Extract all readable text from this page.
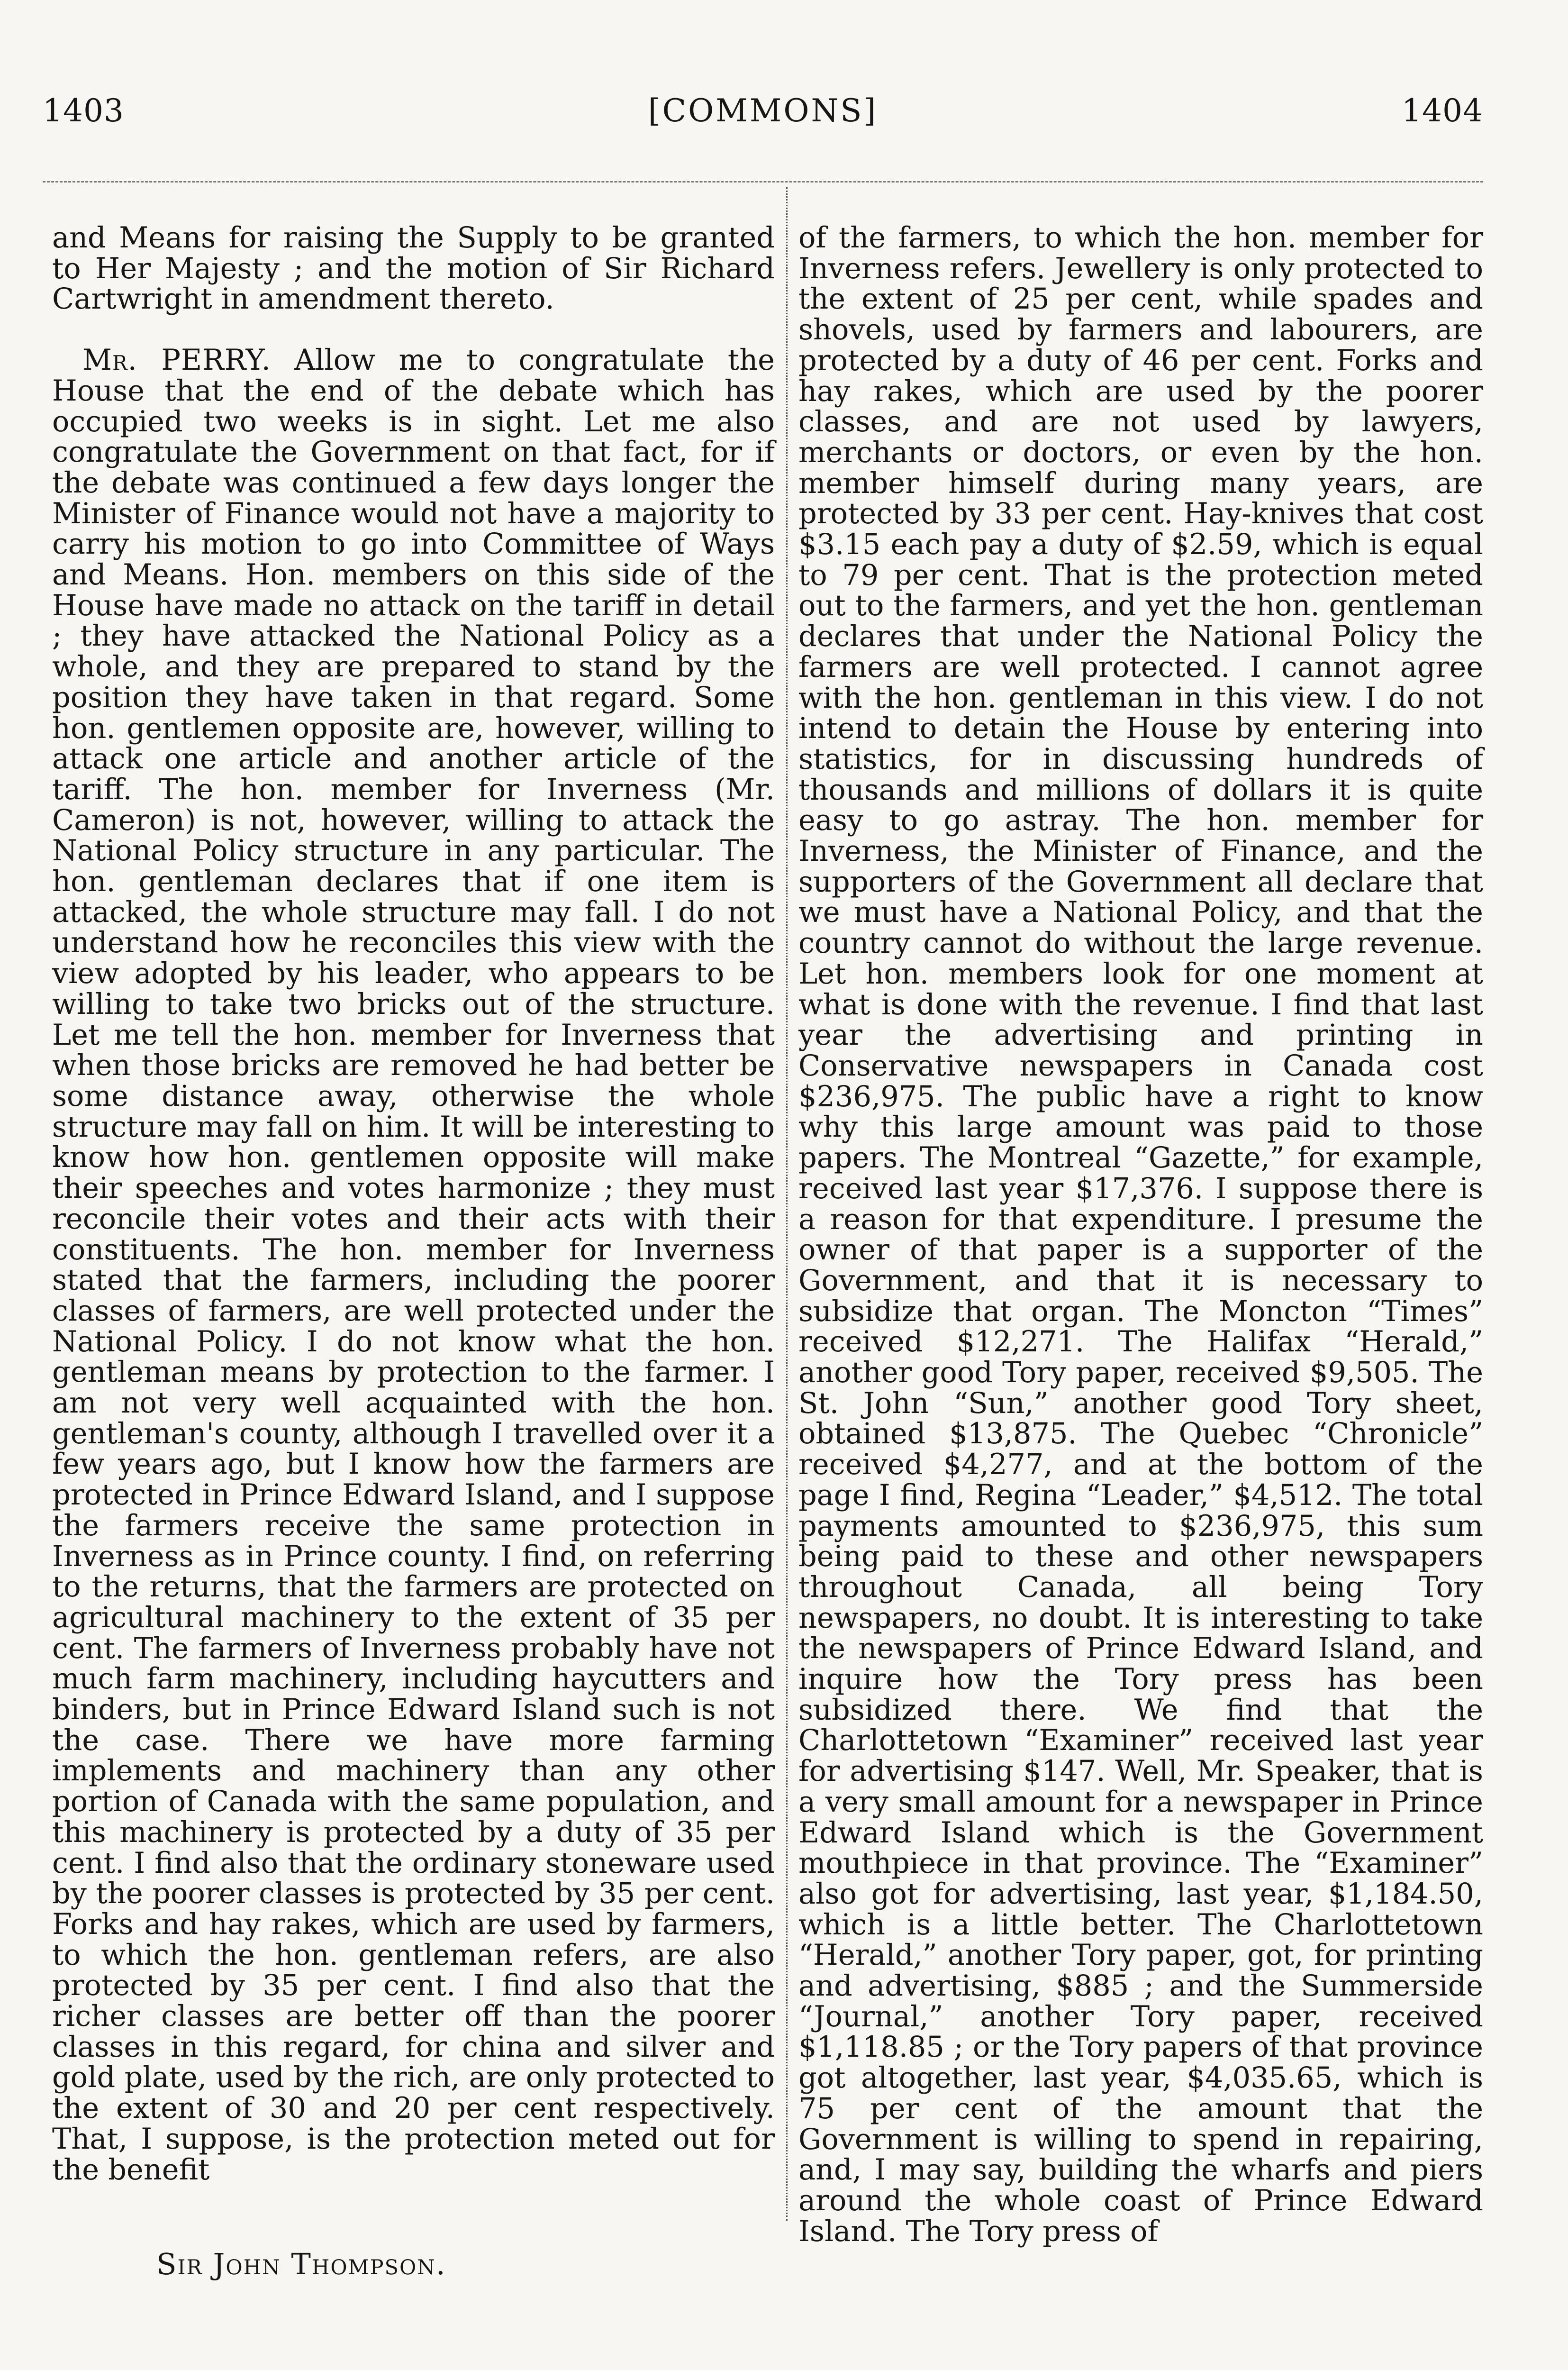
1403	[COMMONS]	1404

and Means for raising the Supply to be granted to Her Majesty ; and the motion of Sir Richard Cartwright in amendment thereto.

Mr. PERRY. Allow me to congratulate the House that the end of the debate which has occupied two weeks is in sight. Let me also congratulate the Government on that fact, for if the debate was continued a few days longer the Minister of Finance would not have a majority to carry his motion to go into Committee of Ways and Means. Hon. members on this side of the House have made no attack on the tariff in detail ; they have attacked the National Policy as a whole, and they are prepared to stand by the position they have taken in that regard. Some hon. gentlemen opposite are, however, willing to attack one article and another article of the tariff. The hon. member for Inverness (Mr. Cameron) is not, however, willing to attack the National Policy structure in any particular. The hon. gentleman declares that if one item is attacked, the whole structure may fall. I do not understand how he reconciles this view with the view adopted by his leader, who appears to be willing to take two bricks out of the structure. Let me tell the hon. member for Inverness that when those bricks are removed he had better be some distance away, otherwise the whole structure may fall on him. It will be interesting to know how hon. gentlemen opposite will make their speeches and votes harmonize ; they must reconcile their votes and their acts with their constituents. The hon. member for Inverness stated that the farmers, including the poorer classes of farmers, are well protected under the National Policy. I do not know what the hon. gentleman means by protection to the farmer. I am not very well acquainted with the hon. gentleman's county, although I travelled over it a few years ago, but I know how the farmers are protected in Prince Edward Island, and I suppose the farmers receive the same protection in Inverness as in Prince county. I find, on referring to the returns, that the farmers are protected on agricultural machinery to the extent of 35 per cent. The farmers of Inverness probably have not much farm machinery, including haycutters and binders, but in Prince Edward Island such is not the case. There we have more farming implements and machinery than any other portion of Canada with the same population, and this machinery is protected by a duty of 35 per cent. I find also that the ordinary stoneware used by the poorer classes is protected by 35 per cent. Forks and hay rakes, which are used by farmers, to which the hon. gentleman refers, are also protected by 35 per cent. I find also that the richer classes are better off than the poorer classes in this regard, for china and silver and gold plate, used by the rich, are only protected to the extent of 30 and 20 per cent respectively. That, I suppose, is the protection meted out for the benefit

of the farmers, to which the hon. member for Inverness refers. Jewellery is only protected to the extent of 25 per cent, while spades and shovels, used by farmers and labourers, are protected by a duty of 46 per cent. Forks and hay rakes, which are used by the poorer classes, and are not used by lawyers, merchants or doctors, or even by the hon. member himself during many years, are protected by 33 per cent. Hay-knives that cost $3.15 each pay a duty of $2.59, which is equal to 79 per cent. That is the protection meted out to the farmers, and yet the hon. gentleman declares that under the National Policy the farmers are well protected. I cannot agree with the hon. gentleman in this view. I do not intend to detain the House by entering into statistics, for in discussing hundreds of thousands and millions of dollars it is quite easy to go astray. The hon. member for Inverness, the Minister of Finance, and the supporters of the Government all declare that we must have a National Policy, and that the country cannot do without the large revenue. Let hon. members look for one moment at what is done with the revenue. I find that last year the advertising and printing in Conservative newspapers in Canada cost $236,975. The public have a right to know why this large amount was paid to those papers. The Montreal “Gazette,” for example, received last year $17,376. I suppose there is a reason for that expenditure. I presume the owner of that paper is a supporter of the Government, and that it is necessary to subsidize that organ. The Moncton “Times” received $12,271. The Halifax “Herald,” another good Tory paper, received $9,505. The St. John “Sun,” another good Tory sheet, obtained $13,875. The Quebec “Chronicle” received $4,277, and at the bottom of the page I find, Regina “Leader,” $4,512. The total payments amounted to $236,975, this sum being paid to these and other newspapers throughout Canada, all being Tory newspapers, no doubt. It is interesting to take the newspapers of Prince Edward Island, and inquire how the Tory press has been subsidized there. We find that the Charlottetown “Examiner” received last year for advertising $147. Well, Mr. Speaker, that is a very small amount for a newspaper in Prince Edward Island which is the Government mouthpiece in that province. The “Examiner” also got for advertising, last year, $1,184.50, which is a little better. The Charlottetown “Herald,” another Tory paper, got, for printing and advertising, $885 ; and the Summerside “Journal,” another Tory paper, received $1,118.85 ; or the Tory papers of that province got altogether, last year, $4,035.65, which is 75 per cent of the amount that the Government is willing to spend in repairing, and, I may say, building the wharfs and piers around the whole coast of Prince Edward Island. The Tory press of

Sir John Thompson.
